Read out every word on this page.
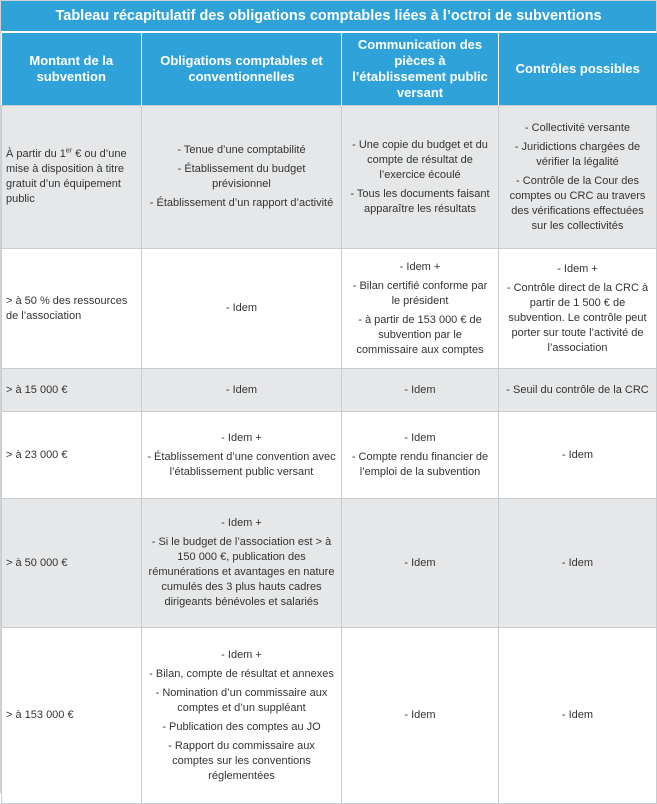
Tableau récapitulatif des obligations comptables liées à l’octroi de subventions
Montant de la subvention	Obligations comptables et conventionnelles	Communication des pièces à l’établissement public versant	Contrôles possibles
À partir du 1er € ou d’une mise à disposition à titre gratuit d’un équipement public	- Tenue d’une comptabilité
- Établissement du budget prévisionnel
- Établissement d’un rapport d’activité	- Une copie du budget et du compte de résultat de l’exercice écoulé
- Tous les documents faisant apparaître les résultats	- Collectivité versante
- Juridictions chargées de vérifier la légalité
- Contrôle de la Cour des comptes ou CRC au travers des vérifications effectuées sur les collectivités

> à 50 % des ressources de l’association	- Idem	- Idem +
- Bilan certifié conforme par le président
- à partir de 153 000 € de subvention par le commissaire aux comptes	- Idem +
- Contrôle direct de la CRC à partir de 1 500 € de subvention. Le contrôle peut porter sur toute l’activité de l’association

> à 15 000 €	- Idem	- Idem	- Seuil du contrôle de la CRC

> à 23 000 €	- Idem +
- Établissement d’une convention avec l’établissement public versant	- Idem
- Compte rendu financier de l’emploi de la subvention	- Idem

> à 50 000 €	- Idem +
- Si le budget de l’association est > à 150 000 €, publication des rémunérations et avantages en nature cumulés des 3 plus hauts cadres dirigeants bénévoles et salariés	- Idem	- Idem

> à 153 000 €	- Idem +
- Bilan, compte de résultat et annexes
- Nomination d’un commissaire aux comptes et d’un suppléant
- Publication des comptes au JO
- Rapport du commissaire aux comptes sur les conventions réglementées	- Idem	- Idem
